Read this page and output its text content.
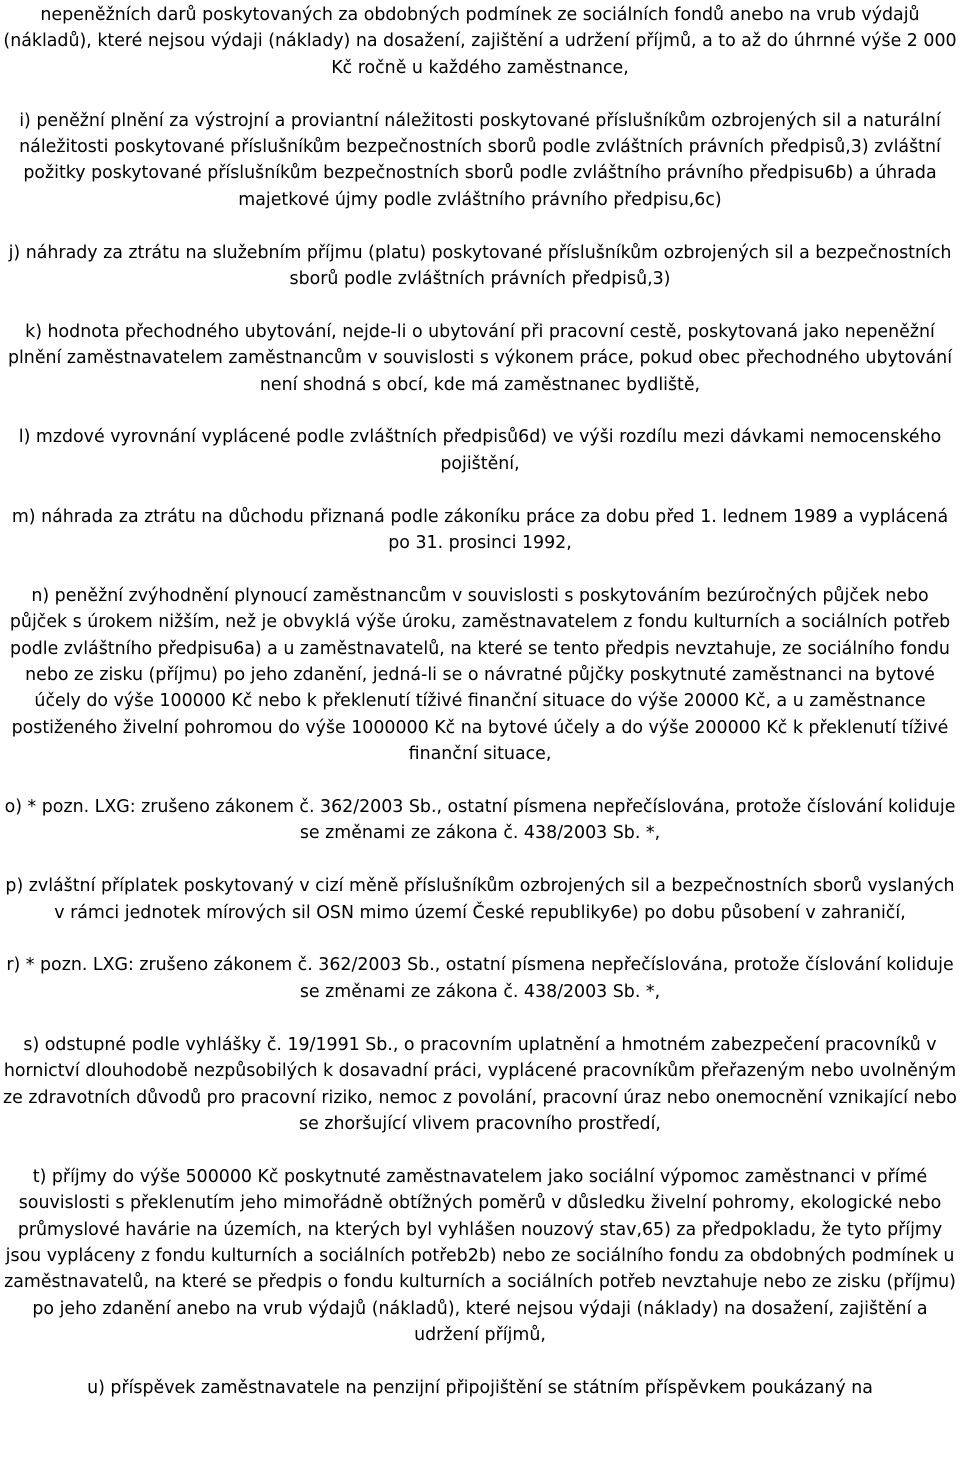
nepeněžních darů poskytovaných za obdobných podmínek ze sociálních fondů anebo na vrub výdajů (nákladů), které nejsou výdaji (náklady) na dosažení, zajištění a udržení příjmů, a to až do úhrnné výše 2 000 Kč ročně u každého zaměstnance,

i) peněžní plnění za výstrojní a proviantní náležitosti poskytované příslušníkům ozbrojených sil a naturální náležitosti poskytované příslušníkům bezpečnostních sborů podle zvláštních právních předpisů,3) zvláštní požitky poskytované příslušníkům bezpečnostních sborů podle zvláštního právního předpisu6b) a úhrada majetkové újmy podle zvláštního právního předpisu,6c)

j) náhrady za ztrátu na služebním příjmu (platu) poskytované příslušníkům ozbrojených sil a bezpečnostních sborů podle zvláštních právních předpisů,3)

k) hodnota přechodného ubytování, nejde-li o ubytování při pracovní cestě, poskytovaná jako nepeněžní plnění zaměstnavatelem zaměstnancům v souvislosti s výkonem práce, pokud obec přechodného ubytování není shodná s obcí, kde má zaměstnanec bydliště,

l) mzdové vyrovnání vyplácené podle zvláštních předpisů6d) ve výši rozdílu mezi dávkami nemocenského pojištění,

m) náhrada za ztrátu na důchodu přiznaná podle zákoníku práce za dobu před 1. lednem 1989 a vyplácená po 31. prosinci 1992,

n) peněžní zvýhodnění plynoucí zaměstnancům v souvislosti s poskytováním bezúročných půjček nebo půjček s úrokem nižším, než je obvyklá výše úroku, zaměstnavatelem z fondu kulturních a sociálních potřeb podle zvláštního předpisu6a) a u zaměstnavatelů, na které se tento předpis nevztahuje, ze sociálního fondu nebo ze zisku (příjmu) po jeho zdanění, jedná-li se o návratné půjčky poskytnuté zaměstnanci na bytové účely do výše 100000 Kč nebo k překlenutí tíživé finanční situace do výše 20000 Kč, a u zaměstnance postiženého živelní pohromou do výše 1000000 Kč na bytové účely a do výše 200000 Kč k překlenutí tíživé finanční situace,

o) * pozn. LXG: zrušeno zákonem č. 362/2003 Sb., ostatní písmena nepřečíslována, protože číslování koliduje se změnami ze zákona č. 438/2003 Sb. *,

p) zvláštní příplatek poskytovaný v cizí měně příslušníkům ozbrojených sil a bezpečnostních sborů vyslaných v rámci jednotek mírových sil OSN mimo území České republiky6e) po dobu působení v zahraničí,

r) * pozn. LXG: zrušeno zákonem č. 362/2003 Sb., ostatní písmena nepřečíslována, protože číslování koliduje se změnami ze zákona č. 438/2003 Sb. *,

s) odstupné podle vyhlášky č. 19/1991 Sb., o pracovním uplatnění a hmotném zabezpečení pracovníků v hornictví dlouhodobě nezpůsobilých k dosavadní práci, vyplácené pracovníkům přeřazeným nebo uvolněným ze zdravotních důvodů pro pracovní riziko, nemoc z povolání, pracovní úraz nebo onemocnění vznikající nebo se zhoršující vlivem pracovního prostředí,

t) příjmy do výše 500000 Kč poskytnuté zaměstnavatelem jako sociální výpomoc zaměstnanci v přímé souvislosti s překlenutím jeho mimořádně obtížných poměrů v důsledku živelní pohromy, ekologické nebo průmyslové havárie na územích, na kterých byl vyhlášen nouzový stav,65) za předpokladu, že tyto příjmy jsou vypláceny z fondu kulturních a sociálních potřeb2b) nebo ze sociálního fondu za obdobných podmínek u zaměstnavatelů, na které se předpis o fondu kulturních a sociálních potřeb nevztahuje nebo ze zisku (příjmu) po jeho zdanění anebo na vrub výdajů (nákladů), které nejsou výdaji (náklady) na dosažení, zajištění a udržení příjmů,

u) příspěvek zaměstnavatele na penzijní připojištění se státním příspěvkem poukázaný na
